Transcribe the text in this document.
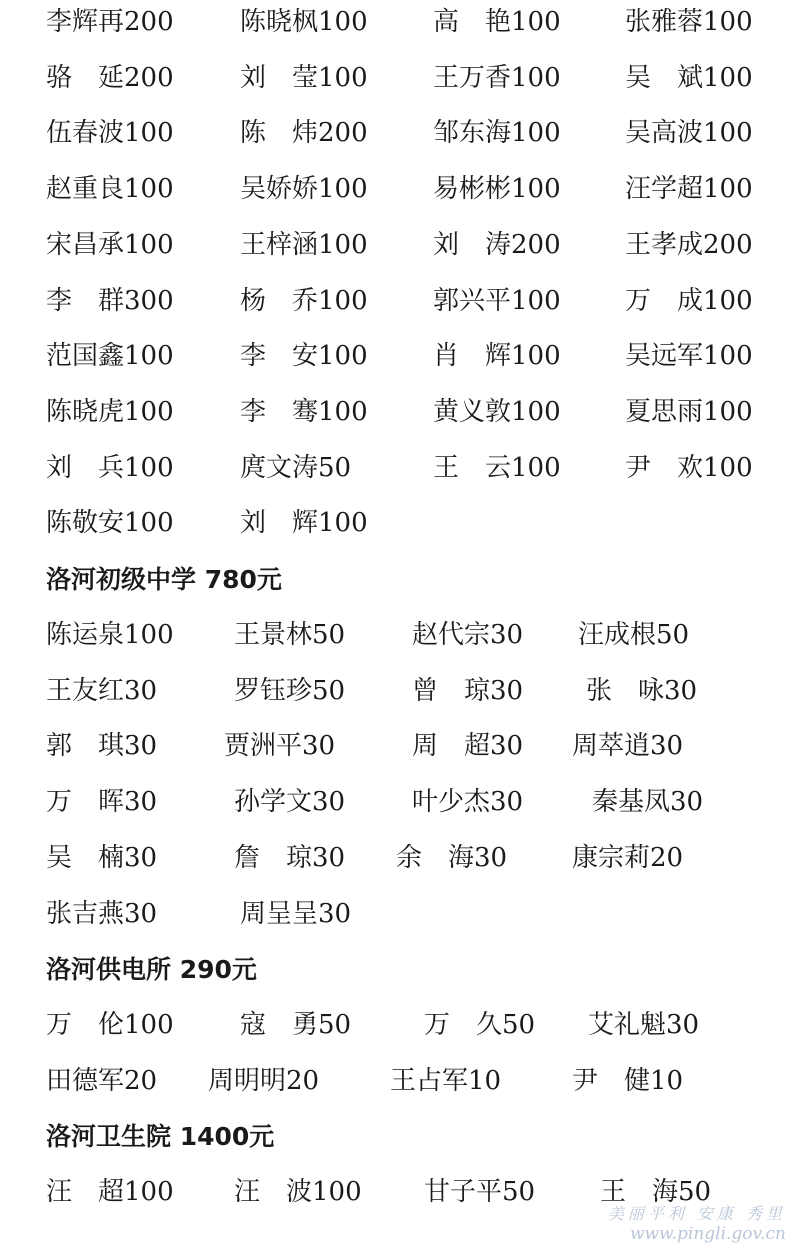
李辉再200	陈晓枫100	高　艳100 张雅蓉100
骆　延200	刘　莹100	王万香100 吴　斌100
伍春波100	陈　炜200	邹东海100 吴高波100
赵重良100	吴娇娇100	易彬彬100 汪学超100
宋昌承100	王梓涵100	刘　涛200 王孝成200
李　群300	杨　乔100	郭兴平100 万　成100
范国鑫100	李　安100	肖　辉100 吴远军100
陈晓虎100	李　骞100	黄义敦100 夏思雨100
刘　兵100	庹文涛50	王　云100 尹　欢100
陈敬安100	刘　辉100
洛河初级中学 780元
陈运泉100 王景林50	赵代宗30 汪成根50
王友红30	罗钰珍50	曾　琼30 张　咏30
郭　琪30	贾洲平30	周　超30 周萃逍30
万　晖30	孙学文30	叶少杰30	秦基凤30
吴　楠30	詹　琼30 余　海30 康宗莉20
张吉燕30	周呈呈30
洛河供电所 290元
万　伦100	寇　勇50	万　久50 艾礼魁30
田德军20 周明明20	王占军10	尹　健10
洛河卫生院 1400元
汪　超100 汪　波100 甘子平50 王　海50
美丽平利 安康 秀里
www.pingli.gov.cn
